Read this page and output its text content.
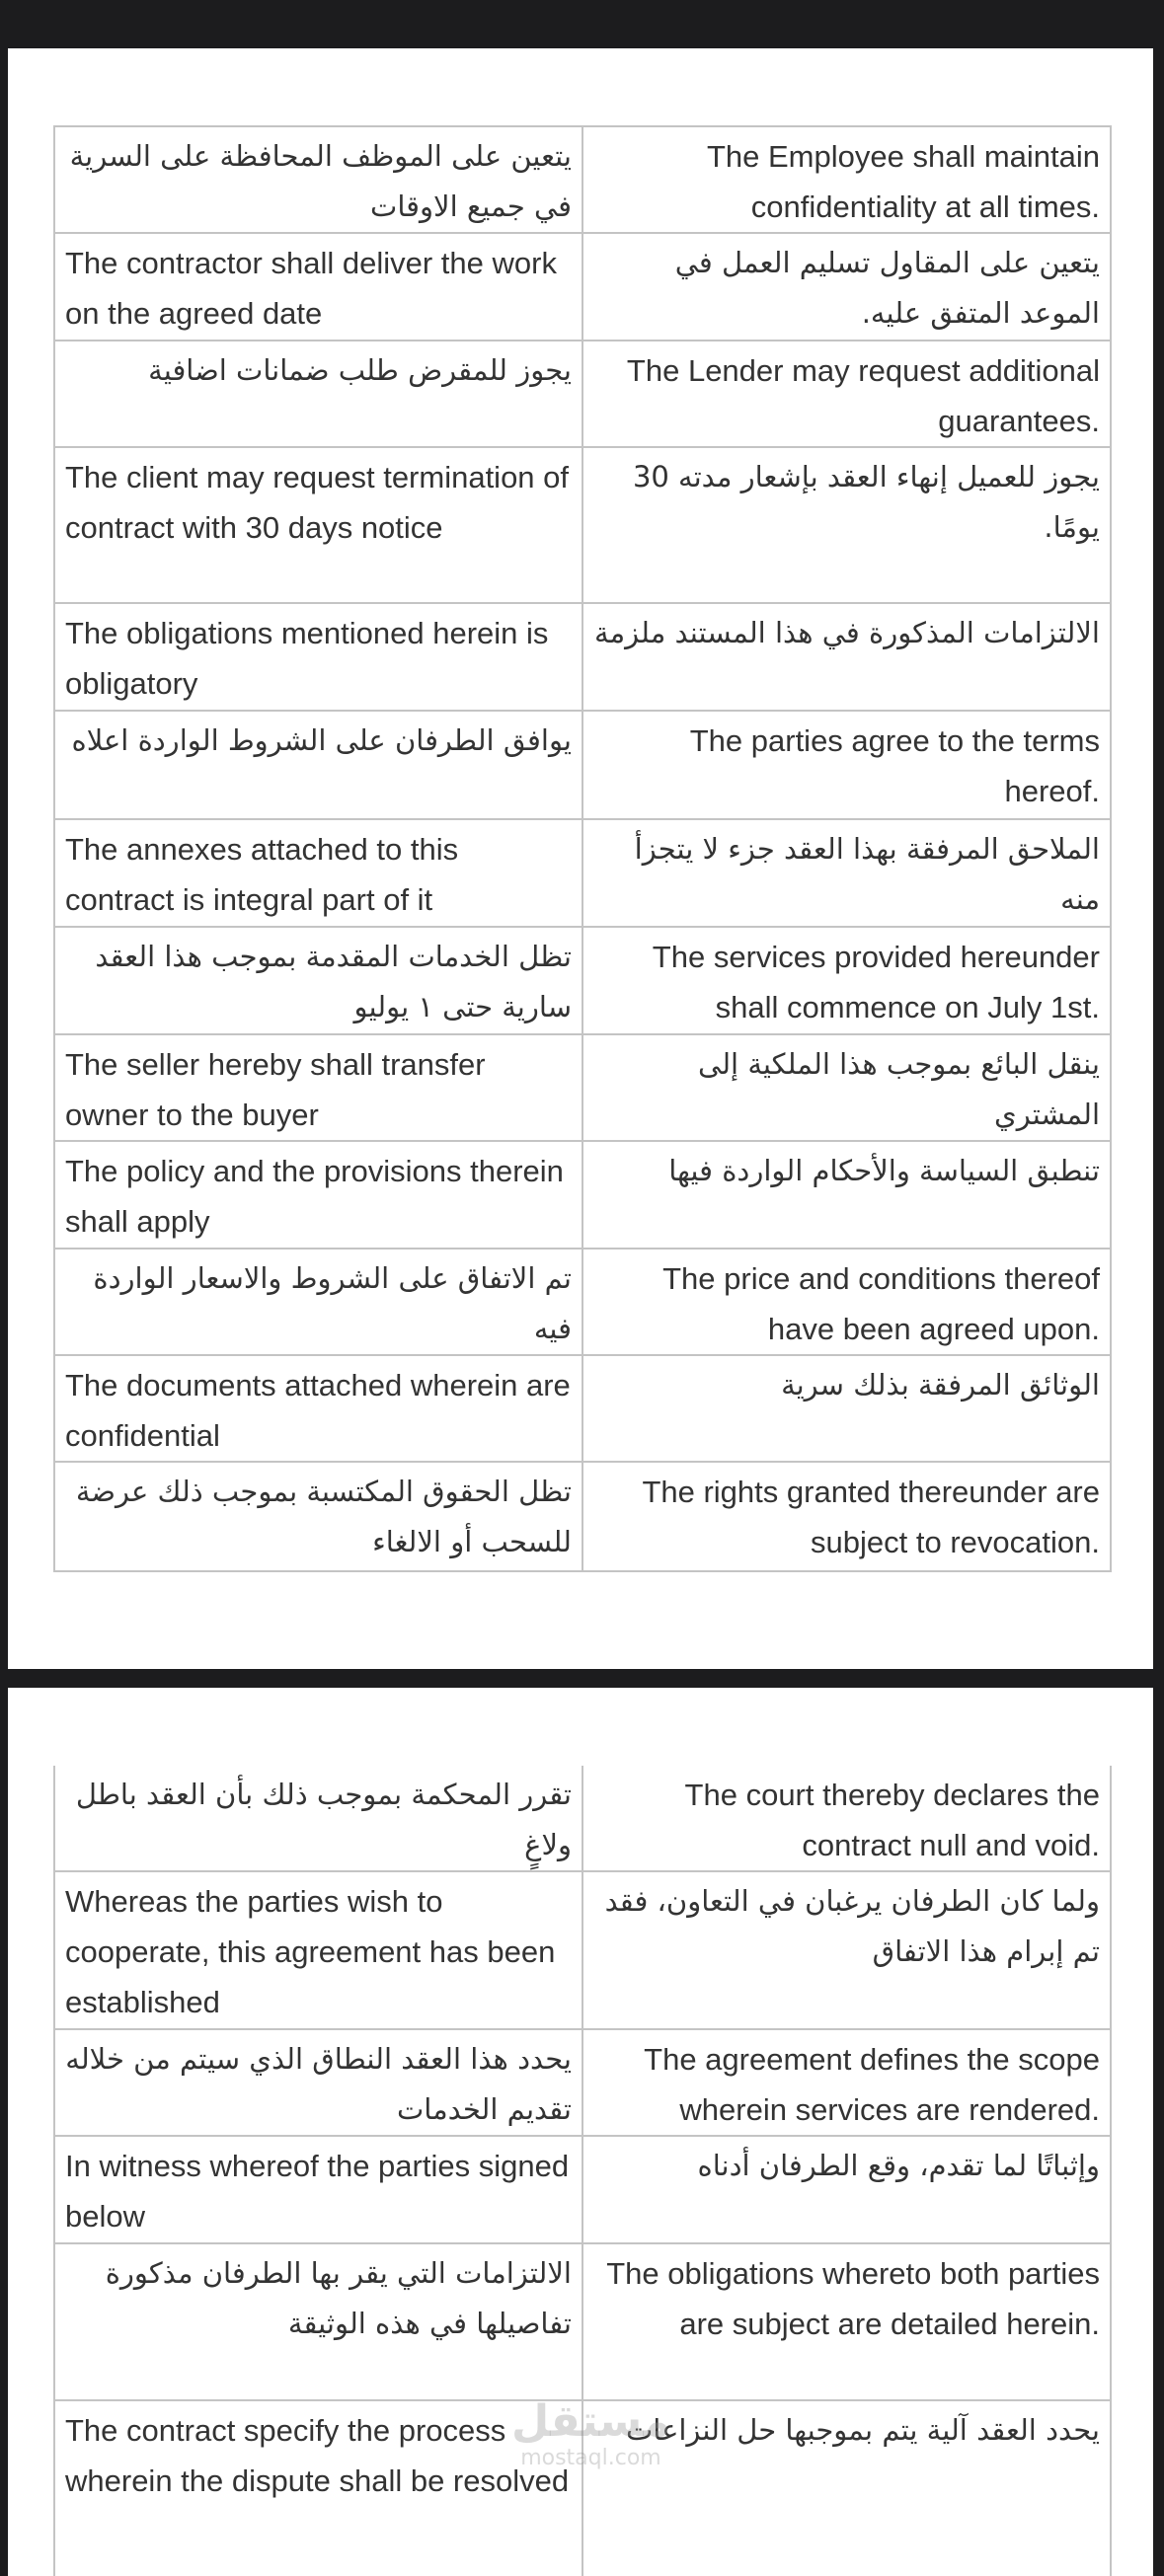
يتعين على الموظف المحافظة على السرية في جميع الاوقات	The Employee shall maintain confidentiality at all times.
The contractor shall deliver the work on the agreed date	يتعين على المقاول تسليم العمل في الموعد المتفق عليه.
يجوز للمقرض طلب ضمانات اضافية	The Lender may request additional guarantees.
The client may request termination of contract with 30 days notice	يجوز للعميل إنهاء العقد بإشعار مدته 30 يومًا.
The obligations mentioned herein is obligatory	الالتزامات المذكورة في هذا المستند ملزمة
يوافق الطرفان على الشروط الواردة اعلاه	The parties agree to the terms hereof.
The annexes attached to this contract is integral part of it	الملاحق المرفقة بهذا العقد جزء لا يتجزأ منه
تظل الخدمات المقدمة بموجب هذا العقد سارية حتى ١ يوليو	The services provided hereunder shall commence on July 1st.
The seller hereby shall transfer owner to the buyer	ينقل البائع بموجب هذا الملكية إلى المشتري
The policy and the provisions therein shall apply	تنطبق السياسة والأحكام الواردة فيها
تم الاتفاق على الشروط والاسعار الواردة فيه	The price and conditions thereof have been agreed upon.
The documents attached wherein are confidential	الوثائق المرفقة بذلك سرية
تظل الحقوق المكتسبة بموجب ذلك عرضة للسحب أو الالغاء	The rights granted thereunder are subject to revocation.
تقرر المحكمة بموجب ذلك بأن العقد باطل ولاغٍ	The court thereby declares the contract null and void.
Whereas the parties wish to cooperate, this agreement has been established	ولما كان الطرفان يرغبان في التعاون، فقد تم إبرام هذا الاتفاق
يحدد هذا العقد النطاق الذي سيتم من خلاله تقديم الخدمات	The agreement defines the scope wherein services are rendered.
In witness whereof the parties signed below	وإثباتًا لما تقدم، وقع الطرفان أدناه
الالتزامات التي يقر بها الطرفان مذكورة تفاصيلها في هذه الوثيقة	The obligations whereto both parties are subject are detailed herein.
The contract specify the process wherein the dispute shall be resolved	يحدد العقد آلية يتم بموجبها حل النزاعات
مستقل
mostaql.com
